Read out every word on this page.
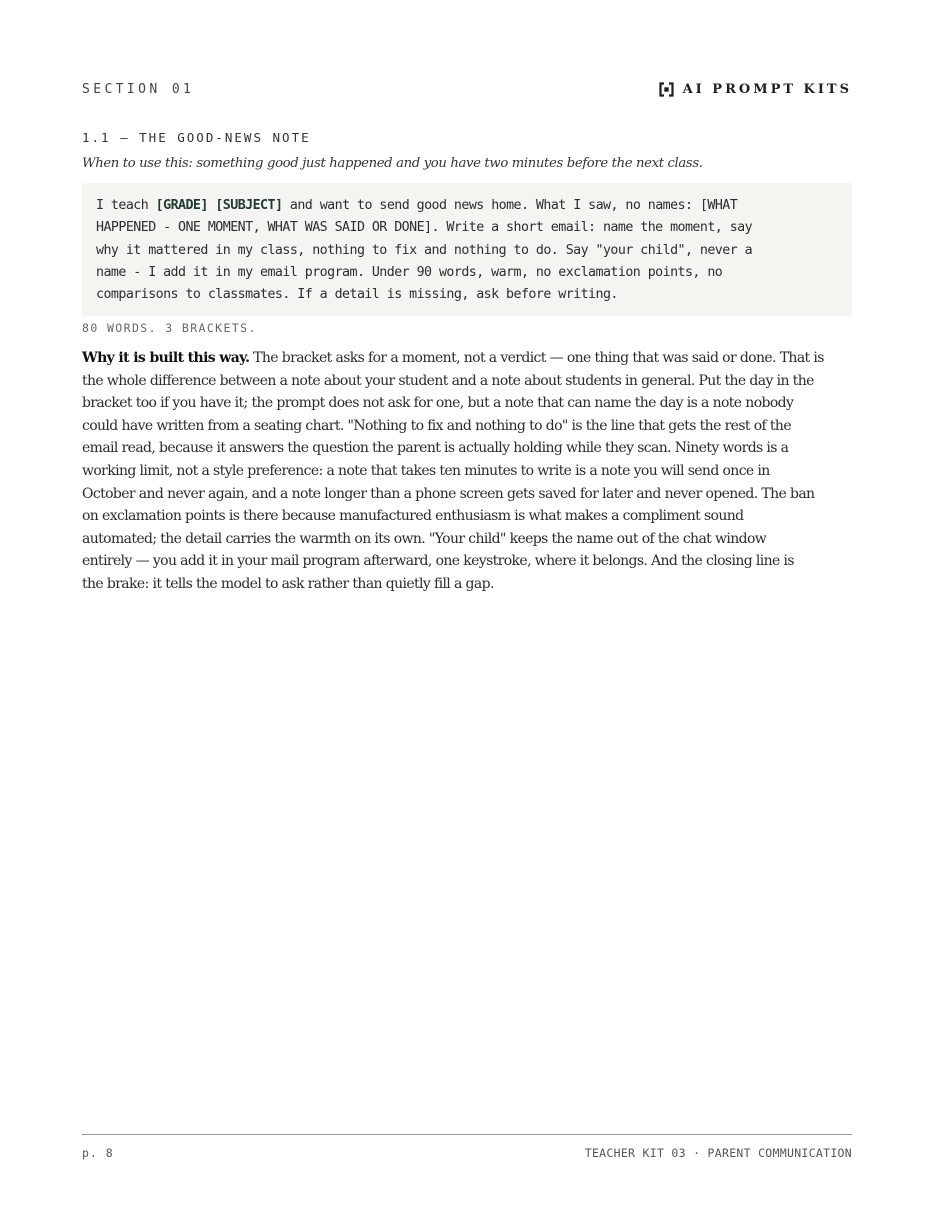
SECTION 01	AI PROMPT KITS
1.1 — THE GOOD-NEWS NOTE
When to use this: something good just happened and you have two minutes before the next class.
I teach [GRADE] [SUBJECT] and want to send good news home. What I saw, no names: [WHAT
HAPPENED - ONE MOMENT, WHAT WAS SAID OR DONE]. Write a short email: name the moment, say
why it mattered in my class, nothing to fix and nothing to do. Say "your child", never a
name - I add it in my email program. Under 90 words, warm, no exclamation points, no
comparisons to classmates. If a detail is missing, ask before writing.
80 WORDS. 3 BRACKETS.
Why it is built this way. The bracket asks for a moment, not a verdict — one thing that was said or done. That is
the whole difference between a note about your student and a note about students in general. Put the day in the
bracket too if you have it; the prompt does not ask for one, but a note that can name the day is a note nobody
could have written from a seating chart. "Nothing to fix and nothing to do" is the line that gets the rest of the
email read, because it answers the question the parent is actually holding while they scan. Ninety words is a
working limit, not a style preference: a note that takes ten minutes to write is a note you will send once in
October and never again, and a note longer than a phone screen gets saved for later and never opened. The ban
on exclamation points is there because manufactured enthusiasm is what makes a compliment sound
automated; the detail carries the warmth on its own. "Your child" keeps the name out of the chat window
entirely — you add it in your mail program afterward, one keystroke, where it belongs. And the closing line is
the brake: it tells the model to ask rather than quietly fill a gap.
p. 8	TEACHER KIT 03 · PARENT COMMUNICATION
